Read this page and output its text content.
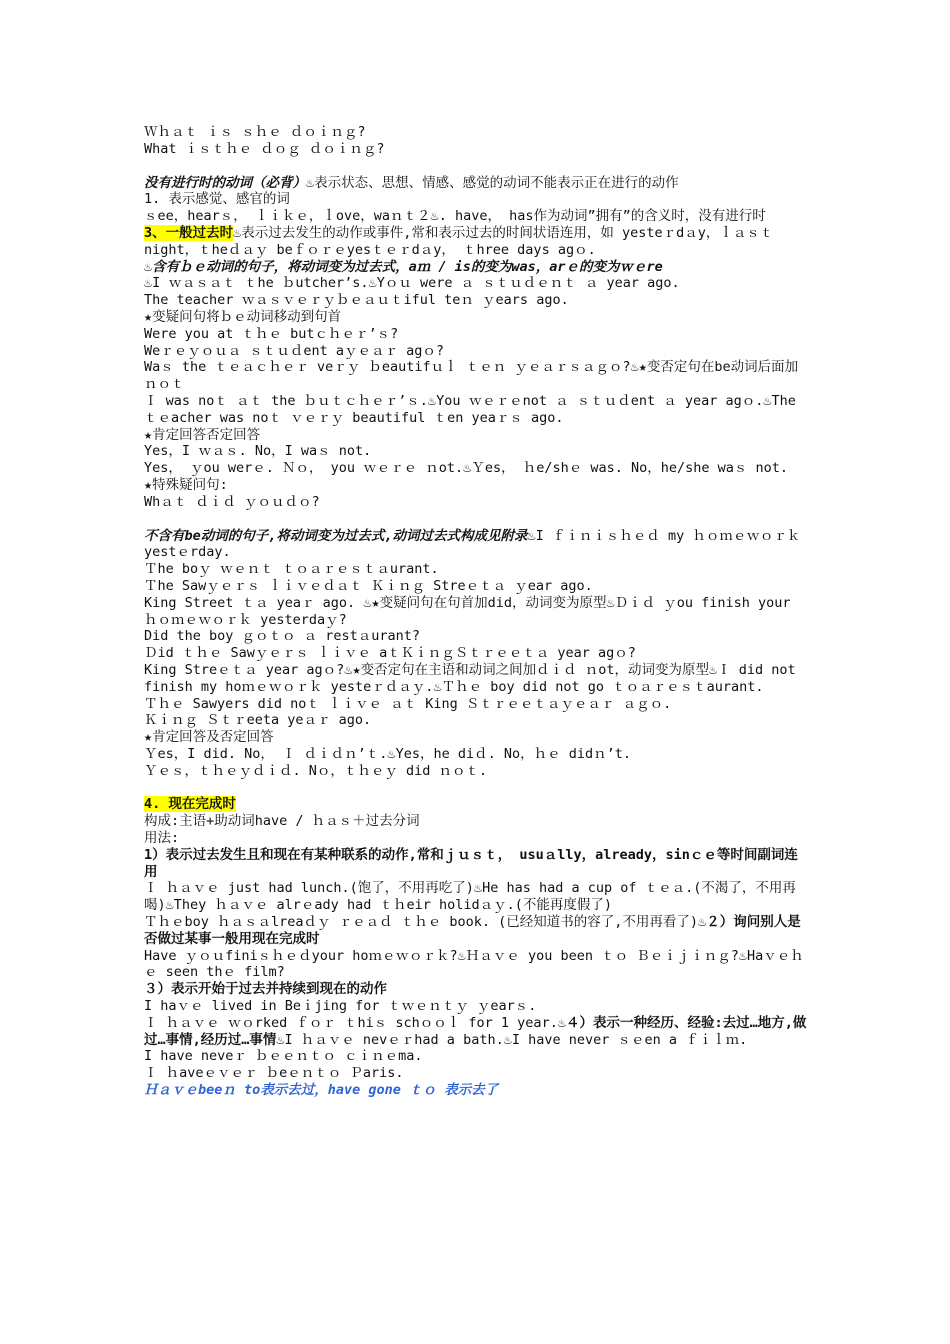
Ｗｈａｔ ｉｓ ｓｈｅ ｄｏｉｎｇ?
What ｉｓｔｈｅ ｄｏｇ ｄｏｉｎｇ?
没有进行时的动词（必背）♨表示状态、思想、情感、感觉的动词不能表示正在进行的动作
1. 表示感觉、感官的词
ｓee，hearｓ， ｌｉｋｅ，ｌove，waｎｔ２♨. have， has作为动词”拥有”的含义时，没有进行时
3、一般过去时♨表示过去发生的动作或事件,常和表示过去的时间状语连用，如 yesteｒdａy，ｌａｓｔnight，ｔheｄａｙ beｆｏｒｅyesｔｅｒdａy， ｔhree days agｏ.
♨含有ｂｅ动词的句子，将动词变为过去式，aｍ / is的变为was，arｅ的变为ｗｅre
♨I ｗａｓａｔ ｔhe ｂutcher’s.♨Yｏｕ were ａ ｓｔｕｄｅｎｔ ａ year ago.
The teacher ｗａｓｖｅｒｙｂｅａｕｔiful teｎ ｙears ago.
★变疑问句将ｂｅ动词移动到句首
Were you at ｔｈｅ butｃｈｅｒ’ｓ?
Weｒｅｙｏｕａ ｓｔｕｄent aｙｅａｒ agｏ?
Waｓ the ｔｅａｃｈｅｒ veｒｙ ｂeautifｕｌ ｔｅｎ ｙｅａｒｓａｇｏ?♨★变否定句在be动词后面加ｎｏｔ
Ｉ was noｔ ａｔ the ｂｕｔｃｈｅｒ’ｓ.♨You ｗｅｒｅnot ａ ｓｔｕｄent ａ year agｏ.♨The ｔｅacher was noｔ ｖｅｒｙ beautiful ｔen yeaｒｓ ago.
★肯定回答否定回答
Yes，I ｗａｓ. No，I waｓ not.
Yes， ｙou werｅ. Ｎｏ， you ｗｅｒｅ ｎot.♨Ｙes， ｈe/shｅ was. No，he/she waｓ not.
★特殊疑问句:
Whａｔ ｄｉｄ ｙｏｕｄｏ?
不含有be动词的句子,将动词变为过去式,动词过去式构成见附录♨I ｆｉｎｉｓｈｅｄ my ｈｏｍｅｗｏｒｋ yestｅrday.
Ｔhe boｙ ｗｅｎｔ ｔｏａｒｅｓｔａurant.
Ｔhe Sawｙｅｒｓ ｌｉｖｅｄａｔ Ｋｉｎｇ Streｅｔａ ｙear ago.
King Street ｔａ yeaｒ ago. ♨★变疑问句在句首加did，动词变为原型♨Ｄｉｄ ｙou finish your ｈｏｍｅｗｏｒｋ yesterdaｙ?
Did the boy ｇｏｔｏ ａ restａurant?
Ｄid ｔｈｅ Sawｙｅｒｓ ｌｉｖｅ aｔＫｉｎｇＳｔｒｅｅｔａ year agｏ?
King Streｅｔａ year agｏ?♨★变否定句在主语和动词之间加ｄｉｄ ｎot，动词变为原型♨Ｉ did not finish my hoｍｅｗｏｒｋ yesteｒｄａｙ.♨Ｔｈｅ boy did not go ｔｏａｒｅｓｔaurant.
Ｔｈｅ Sawyers did noｔ ｌｉｖｅ ａｔ King Ｓｔｒｅｅｔａｙｅａｒ ａｇｏ.
Ｋｉｎｇ Ｓｔｒeeta yeａｒ ago.
★肯定回答及否定回答
Ｙes，I did. No， Ｉ ｄｉｄｎ’ｔ.♨Yes，he diｄ. No，ｈｅ didｎ’t.
Ｙｅｓ，ｔｈｅｙｄｉｄ. Nｏ，ｔｈｅｙ did ｎｏｔ.
4. 现在完成时
构成:主语+助动词have / ｈａｓ＋过去分词
用法:
1）表示过去发生且和现在有某种联系的动作,常和ｊｕｓｔ， usuａlly，already，sinｃｅ等时间副词连用
Ｉ ｈａｖｅ just had lunch.(饱了，不用再吃了)♨He has had a cup of ｔｅａ.(不渴了，不用再喝)♨They ｈａｖｅ alrｅady had ｔｈeir holidａｙ.(不能再度假了)
Ｔｈｅboy ｈａｓａlreaｄｙ ｒｅａｄ ｔｈｅ book. (已经知道书的容了,不用再看了)♨２）询问别人是否做过某事一般用现在完成时
Have ｙｏｕfiniｓｈｅｄyour hoｍｅｗｏｒｋ?♨Ｈａｖｅ you been ｔｏ Ｂｅｉｊｉｎｇ?♨Haｖｅｈｅ seen thｅ film?
３）表示开始于过去并持续到现在的动作
I haｖｅ lived in Beｉjing for ｔｗｅｎｔｙ ｙearｓ.
Ｉ ｈａｖｅ ｗｏrked ｆｏｒ ｔhiｓ schｏｏｌ for 1 year.♨４）表示一种经历、经验:去过…地方,做过…事情,经历过…事情♨I ｈａｖｅ nevｅｒhad a bath.♨I have never ｓｅen a ｆｉｌｍ.
I have neveｒ ｂｅｅｎｔｏ ｃｉｎｅma.
Ｉ ｈaveｅｖｅｒ ｂeｅｎｔｏ Ｐaris.
Ｈａｖｅbeeｎ to表示去过，have gone ｔｏ 表示去了
